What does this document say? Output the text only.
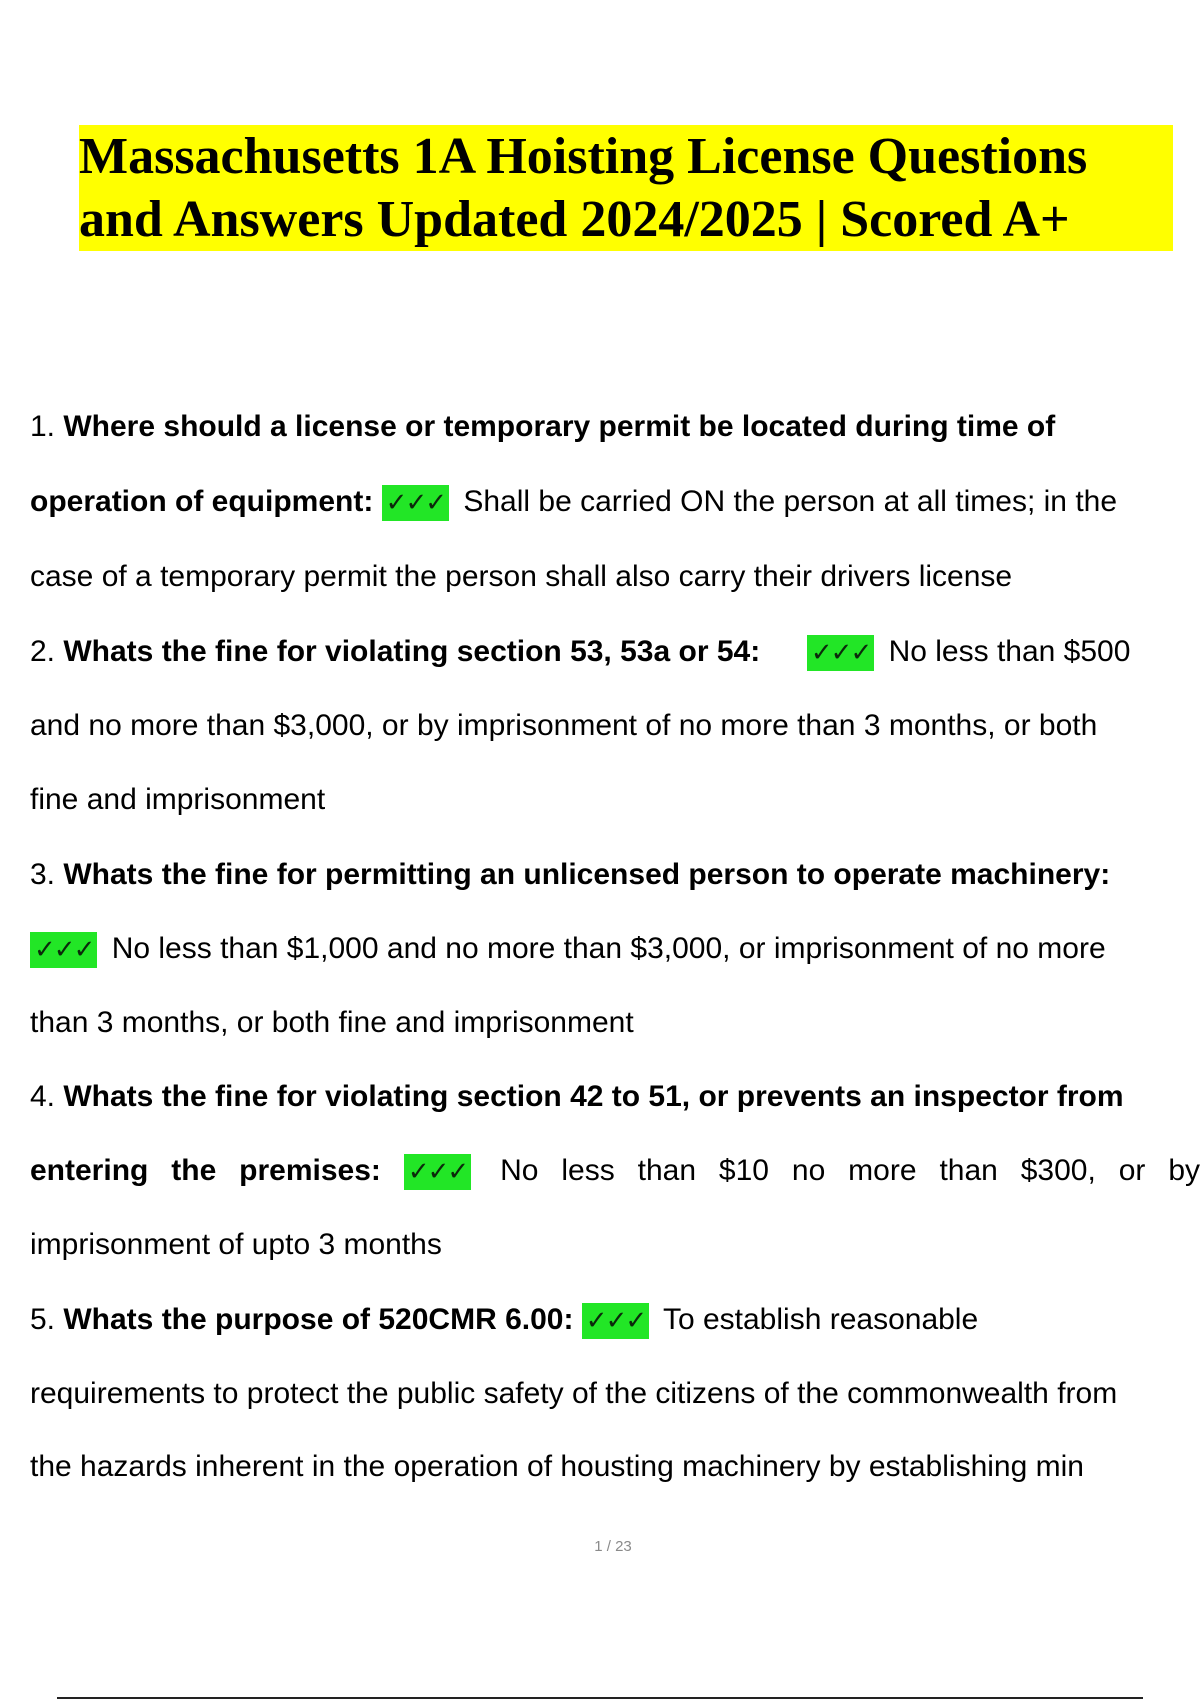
Massachusetts 1A Hoisting License Questions
and Answers Updated 2024/2025 | Scored A+
1. Where should a license or temporary permit be located during time of
operation of equipment: ✓✓✓ Shall be carried ON the person at all times; in the
case of a temporary permit the person shall also carry their drivers license
2. Whats the fine for violating section 53, 53a or 54:  ✓✓✓ No less than $500
and no more than $3,000, or by imprisonment of no more than 3 months, or both
fine and imprisonment
3. Whats the fine for permitting an unlicensed person to operate machinery:
✓✓✓ No less than $1,000 and no more than $3,000, or imprisonment of no more
than 3 months, or both fine and imprisonment
4. Whats the fine for violating section 42 to 51, or prevents an inspector from
entering the premises: ✓✓✓ No less than $10 no more than $300, or by
imprisonment of upto 3 months
5. Whats the purpose of 520CMR 6.00: ✓✓✓ To establish reasonable
requirements to protect the public safety of the citizens of the commonwealth from
the hazards inherent in the operation of housting machinery by establishing min
1 / 23
